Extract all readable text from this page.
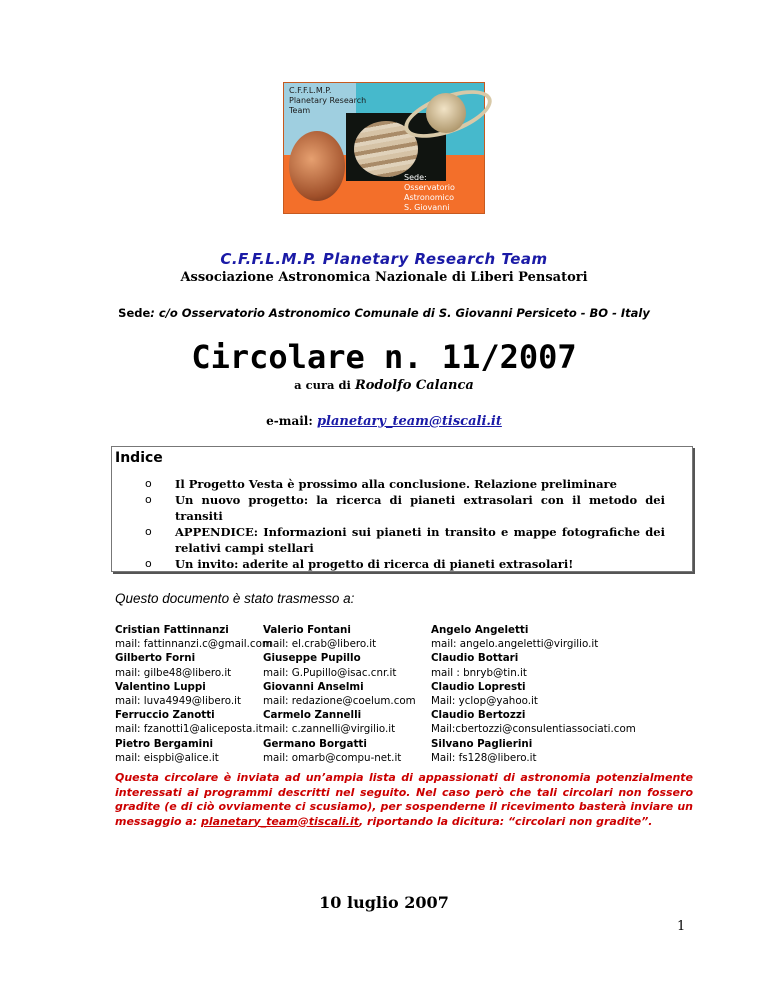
C.F.F.L.M.P.
Planetary Research
Team
Sede:
Osservatorio Astronomico
S. Giovanni Persiceto - BO
C.F.F.L.M.P. Planetary Research Team
Associazione Astronomica Nazionale di Liberi Pensatori
Sede: c/o Osservatorio Astronomico Comunale di S. Giovanni Persiceto - BO - Italy
Circolare n. 11/2007
a cura di Rodolfo Calanca
e-mail: planetary_team@tiscali.it
Indice
o Il Progetto Vesta è prossimo alla conclusione. Relazione preliminare
o Un nuovo progetto: la ricerca di pianeti extrasolari con il metodo dei transiti
o APPENDICE: Informazioni sui pianeti in transito e mappe fotografiche dei relativi campi stellari
o Un invito: aderite al progetto di ricerca di pianeti extrasolari!
Questo documento è stato trasmesso a:
Cristian Fattinnanzi
mail: fattinnanzi.c@gmail.com
Gilberto Forni
mail: gilbe48@libero.it
Valentino Luppi
mail: luva4949@libero.it
Ferruccio Zanotti
mail: fzanotti1@aliceposta.it
Pietro Bergamini
mail: eispbi@alice.it
Valerio Fontani
mail: el.crab@libero.it
Giuseppe Pupillo
mail: G.Pupillo@isac.cnr.it
Giovanni Anselmi
mail: redazione@coelum.com
Carmelo Zannelli
mail: c.zannelli@virgilio.it
Germano Borgatti
mail: omarb@compu-net.it
Angelo Angeletti
mail: angelo.angeletti@virgilio.it
Claudio Bottari
mail : bnryb@tin.it
Claudio Lopresti
Mail: yclop@yahoo.it
Claudio Bertozzi
Mail:cbertozzi@consulentiassociati.com
Silvano Paglierini
Mail: fs128@libero.it
Questa circolare è inviata ad un’ampia lista di appassionati di astronomia potenzialmente interessati ai programmi descritti nel seguito. Nel caso però che tali circolari non fossero gradite (e di ciò ovviamente ci scusiamo), per sospenderne il ricevimento basterà inviare un messaggio a: planetary_team@tiscali.it, riportando la dicitura: “circolari non gradite”.
10 luglio 2007
1
